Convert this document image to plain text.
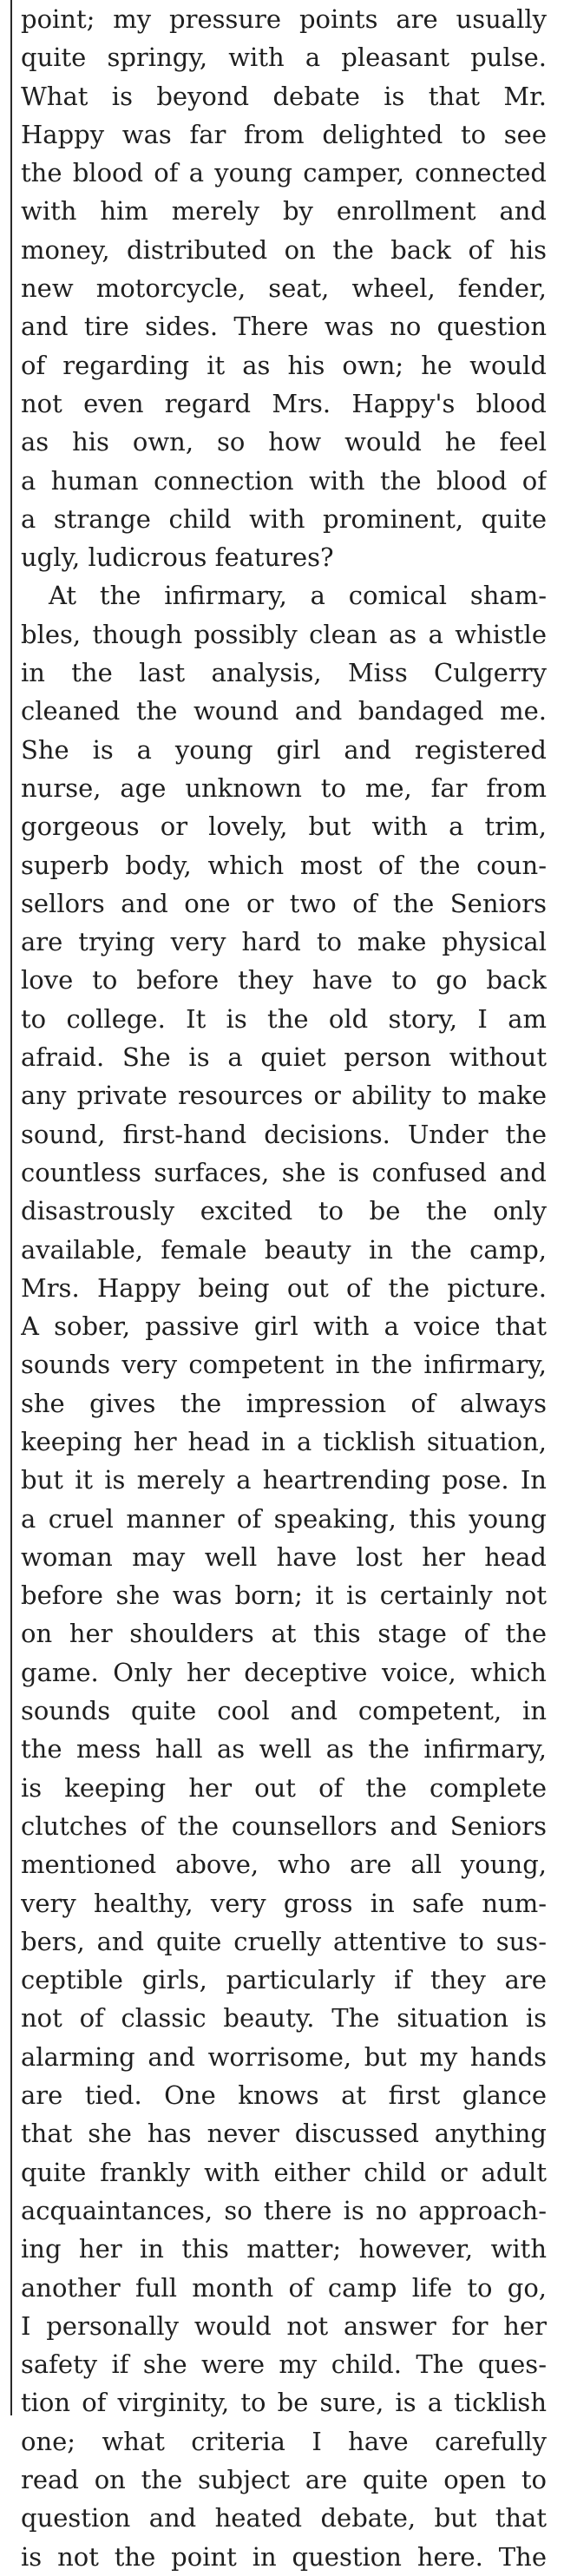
point; my pressure points are usually
quite springy, with a pleasant pulse.
What is beyond debate is that Mr.
Happy was far from delighted to see
the blood of a young camper, connected
with him merely by enrollment and
money, distributed on the back of his
new motorcycle, seat, wheel, fender,
and tire sides. There was no question
of regarding it as his own; he would
not even regard Mrs. Happy's blood
as his own, so how would he feel
a human connection with the blood of
a strange child with prominent, quite
ugly, ludicrous features?
At the infirmary, a comical sham-
bles, though possibly clean as a whistle
in the last analysis, Miss Culgerry
cleaned the wound and bandaged me.
She is a young girl and registered
nurse, age unknown to me, far from
gorgeous or lovely, but with a trim,
superb body, which most of the coun-
sellors and one or two of the Seniors
are trying very hard to make physical
love to before they have to go back
to college. It is the old story, I am
afraid. She is a quiet person without
any private resources or ability to make
sound, first-hand decisions. Under the
countless surfaces, she is confused and
disastrously excited to be the only
available, female beauty in the camp,
Mrs. Happy being out of the picture.
A sober, passive girl with a voice that
sounds very competent in the infirmary,
she gives the impression of always
keeping her head in a ticklish situation,
but it is merely a heartrending pose. In
a cruel manner of speaking, this young
woman may well have lost her head
before she was born; it is certainly not
on her shoulders at this stage of the
game. Only her deceptive voice, which
sounds quite cool and competent, in
the mess hall as well as the infirmary,
is keeping her out of the complete
clutches of the counsellors and Seniors
mentioned above, who are all young,
very healthy, very gross in safe num-
bers, and quite cruelly attentive to sus-
ceptible girls, particularly if they are
not of classic beauty. The situation is
alarming and worrisome, but my hands
are tied. One knows at first glance
that she has never discussed anything
quite frankly with either child or adult
acquaintances, so there is no approach-
ing her in this matter; however, with
another full month of camp life to go,
I personally would not answer for her
safety if she were my child. The ques-
tion of virginity, to be sure, is a ticklish
one; what criteria I have carefully
read on the subject are quite open to
question and heated debate, but that
is not the point in question here. The
